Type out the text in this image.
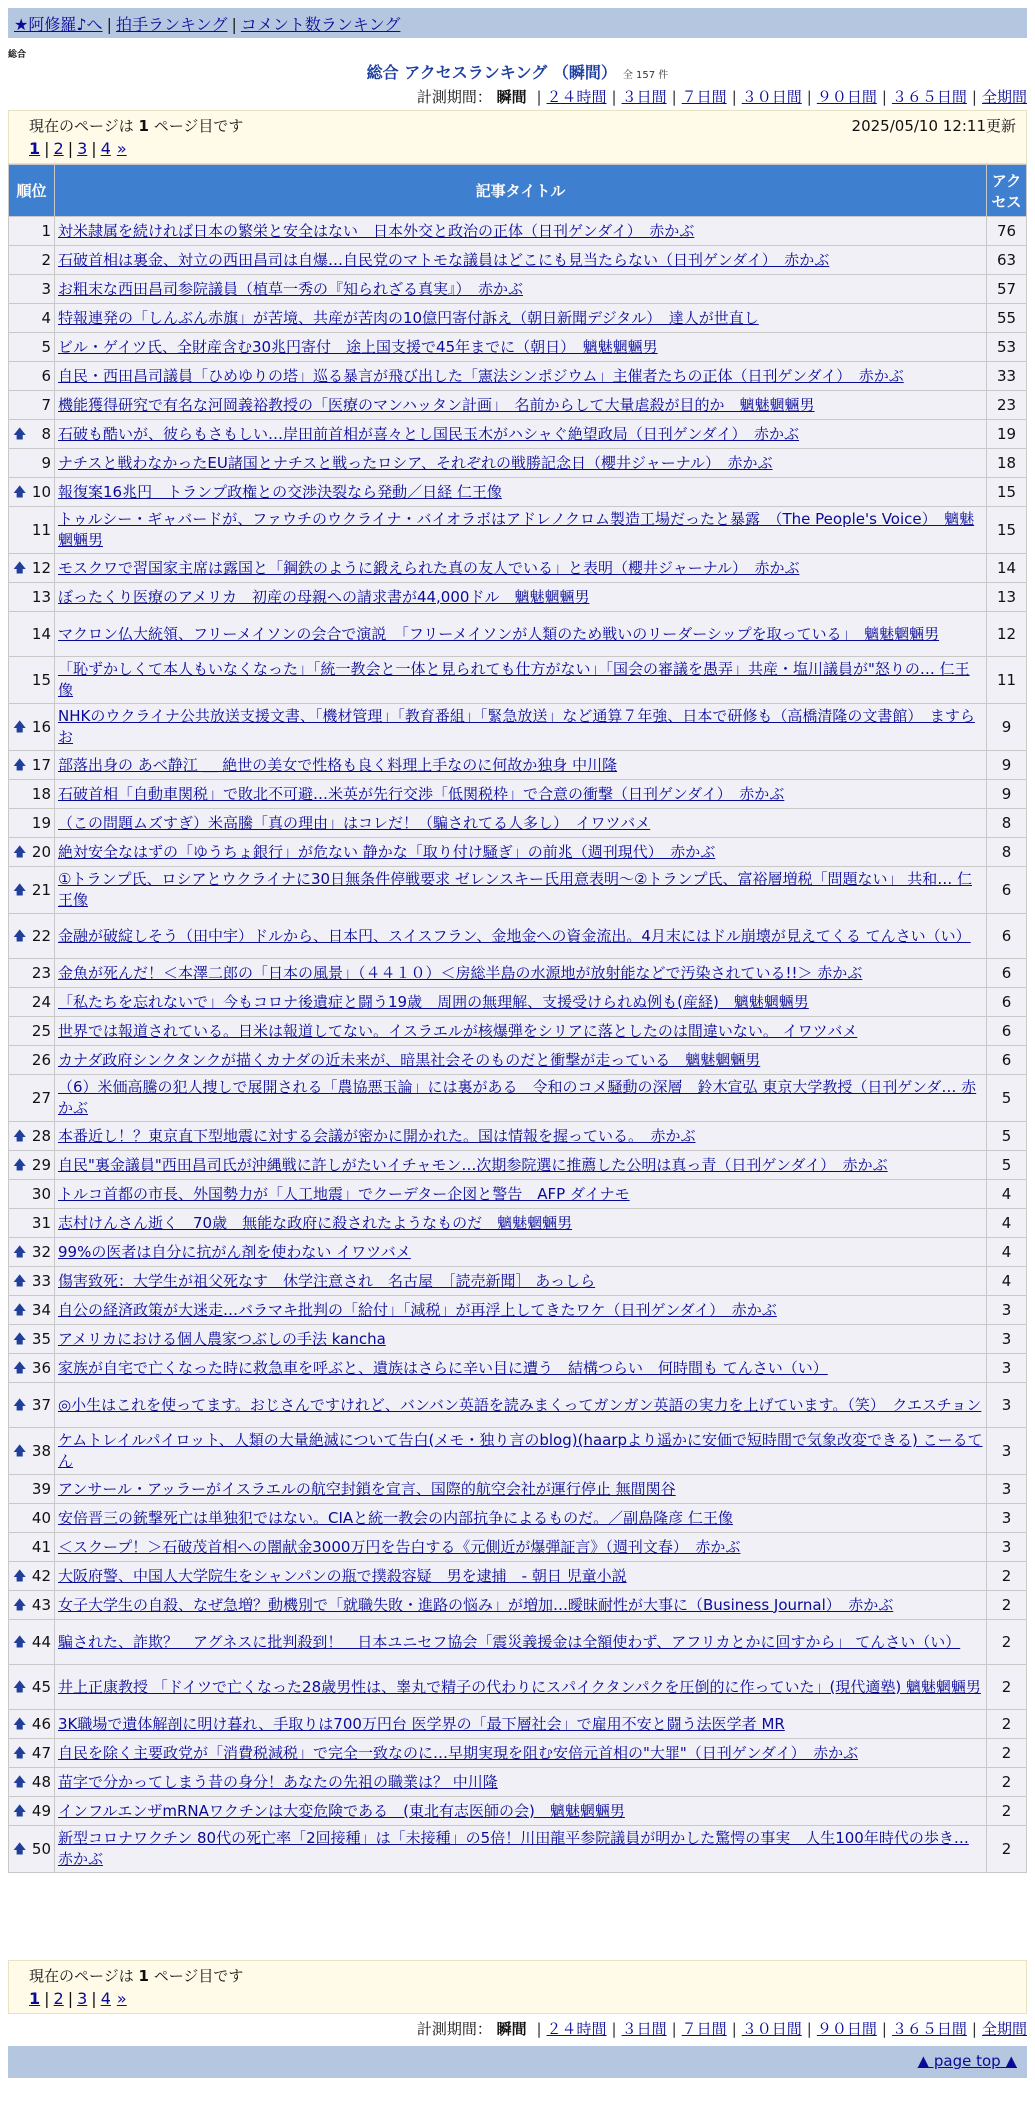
★阿修羅♪へ | 拍手ランキング | コメント数ランキング
総合
総合 アクセスランキング （瞬間） 全 157 件
計測期間： 瞬間 | ２４時間 | ３日間 | ７日間 | ３０日間 | ９０日間 | ３６５日間 | 全期間
現在のページは 1 ページ目です	2025/05/10 12:11更新
1 | 2 | 3 | 4 »
順位	記事タイトル	アクセス
1	対米隷属を続ければ日本の繁栄と安全はない　日本外交と政治の正体（日刊ゲンダイ）　赤かぶ	76
2	石破首相は裏金、対立の西田昌司は自爆…自民党のマトモな議員はどこにも見当たらない（日刊ゲンダイ）　赤かぶ	63
3	お粗末な西田昌司参院議員（植草一秀の『知られざる真実』）　赤かぶ	57
4	特報連発の「しんぶん赤旗」が苦境、共産が苦肉の10億円寄付訴え（朝日新聞デジタル）　達人が世直し	55
5	ビル・ゲイツ氏、全財産含む30兆円寄付　途上国支援で45年までに（朝日）　魑魅魍魎男	53
6	自民・西田昌司議員「ひめゆりの塔」巡る暴言が飛び出した「憲法シンポジウム」主催者たちの正体（日刊ゲンダイ）　赤かぶ	33
7	機能獲得研究で有名な河岡義裕教授の「医療のマンハッタン計画」　名前からして大量虐殺が目的か　魑魅魍魎男	23

🡅 8	石破も酷いが、彼らもさもしい…岸田前首相が喜々とし国民玉木がハシャぐ絶望政局（日刊ゲンダイ）　赤かぶ	19
9	ナチスと戦わなかったEU諸国とナチスと戦ったロシア、それぞれの戦勝記念日（櫻井ジャーナル）　赤かぶ	18

🡅 10	報復案16兆円　トランプ政権との交渉決裂なら発動／日経 仁王像	15
11	トゥルシー・ギャバードが、ファウチのウクライナ・バイオラボはアドレノクロム製造工場だったと暴露　（The People's Voice）　魑魅魍魎男	15

🡅 12	モスクワで習国家主席は露国と「鋼鉄のように鍛えられた真の友人でいる」と表明（櫻井ジャーナル）　赤かぶ	14
13	ぼったくり医療のアメリカ　初産の母親への請求書が44,000ドル　魑魅魍魎男	13
14	マクロン仏大統領、フリーメイソンの会合で演説　「フリーメイソンが人類のため戦いのリーダーシップを取っている」　魑魅魍魎男	12
15	「恥ずかしくて本人もいなくなった」「統一教会と一体と見られても仕方がない」「国会の審議を愚弄」共産・塩川議員が"怒りの… 仁王像	11

🡅 16	NHKのウクライナ公共放送支援文書、「機材管理」「教育番組」「緊急放送」など通算７年強、日本で研修も（高橋清隆の文書館）　ますらお	9

🡅 17	部落出身の あべ静江 ＿ 絶世の美女で性格も良く料理上手なのに何故か独身 中川隆	9
18	石破首相「自動車関税」で敗北不可避…米英が先行交渉「低関税枠」で合意の衝撃（日刊ゲンダイ）　赤かぶ	9
19	（この問題ムズすぎ）米高騰「真の理由」はコレだ！（騙されてる人多し）　イワツバメ	8

🡅 20	絶対安全なはずの「ゆうちょ銀行」が危ない 静かな「取り付け騒ぎ」の前兆（週刊現代）　赤かぶ	8

🡅 21	①トランプ氏、ロシアとウクライナに30日無条件停戦要求 ゼレンスキー氏用意表明～②トランプ氏、富裕層増税「問題ない」 共和… 仁王像	6

🡅 22	金融が破綻しそう（田中宇）ドルから、日本円、スイスフラン、金地金への資金流出。4月末にはドル崩壊が見えてくる てんさい（い）	6
23	金魚が死んだ！＜本澤二郎の「日本の風景」（４４１０）＜房総半島の水源地が放射能などで汚染されている!!＞ 赤かぶ	6
24	「私たちを忘れないで」今もコロナ後遺症と闘う19歳　周囲の無理解、支援受けられぬ例も(産経)　魑魅魍魎男	6
25	世界では報道されている。日米は報道してない。イスラエルが核爆弾をシリアに落としたのは間違いない。 イワツバメ	6
26	カナダ政府シンクタンクが描くカナダの近未来が、暗黒社会そのものだと衝撃が走っている　魑魅魍魎男	6
27	（6）米価高騰の犯人捜しで展開される「農協悪玉論」には裏がある　令和のコメ騒動の深層　鈴木宣弘 東京大学教授（日刊ゲンダ… 赤かぶ	5

🡅 28	本番近し！？東京直下型地震に対する会議が密かに開かれた。国は情報を握っている。　赤かぶ	5

🡅 29	自民"裏金議員"西田昌司氏が沖縄戦に許しがたいイチャモン…次期参院選に推薦した公明は真っ青（日刊ゲンダイ）　赤かぶ	5
30	トルコ首都の市長、外国勢力が「人工地震」でクーデター企図と警告　AFP ダイナモ	4
31	志村けんさん逝く　70歳　無能な政府に殺されたようなものだ　魑魅魍魎男	4

🡅 32	99%の医者は自分に抗がん剤を使わない イワツバメ	4

🡅 33	傷害致死：大学生が祖父死なす　休学注意され　名古屋　［読売新聞］ あっしら	4

🡅 34	自公の経済政策が大迷走…バラマキ批判の「給付」「減税」が再浮上してきたワケ（日刊ゲンダイ）　赤かぶ	3

🡅 35	アメリカにおける個人農家つぶしの手法 kancha	3

🡅 36	家族が自宅で亡くなった時に救急車を呼ぶと、遺族はさらに辛い目に遭う　結構つらい　何時間も てんさい（い）	3

🡅 37	◎小生はこれを使ってます。おじさんですけれど、バンバン英語を読みまくってガンガン英語の実力を上げています。（笑）　クエスチョン	3

🡅 38	ケムトレイルパイロット、人類の大量絶滅について告白(メモ・独り言のblog)(haarpより遥かに安価で短時間で気象改変できる) こーるてん	3
39	アンサール・アッラーがイスラエルの航空封鎖を宣言、国際的航空会社が運行停止 無間関谷	3
40	安倍晋三の銃撃死亡は単独犯ではない。CIAと統一教会の内部抗争によるものだ。／副島隆彦 仁王像	3
41	＜スクープ！＞石破茂首相への闇献金3000万円を告白する《元側近が爆弾証言》（週刊文春）　赤かぶ	3

🡅 42	大阪府警、中国人大学院生をシャンパンの瓶で撲殺容疑　男を逮捕　- 朝日 児童小説	2

🡅 43	女子大学生の自殺、なぜ急増？動機別で「就職失敗・進路の悩み」が増加…曖昧耐性が大事に（Business Journal）　赤かぶ	2

🡅 44	騙された、詐欺？　アグネスに批判殺到！　日本ユニセフ協会「震災義援金は全額使わず、アフリカとかに回すから」 てんさい（い）	2

🡅 45	井上正康教授 「ドイツで亡くなった28歳男性は、睾丸で精子の代わりにスパイクタンパクを圧倒的に作っていた」(現代適塾) 魑魅魍魎男	2

🡅 46	3K職場で遺体解剖に明け暮れ、手取りは700万円台 医学界の「最下層社会」で雇用不安と闘う法医学者 MR	2

🡅 47	自民を除く主要政党が「消費税減税」で完全一致なのに…早期実現を阻む安倍元首相の"大罪"（日刊ゲンダイ）　赤かぶ	2

🡅 48	苗字で分かってしまう昔の身分！あなたの先祖の職業は？ 中川隆	2

🡅 49	インフルエンザmRNAワクチンは大変危険である　(東北有志医師の会)　魑魅魍魎男	2

🡅 50	新型コロナワクチン 80代の死亡率「2回接種」は「未接種」の5倍！川田龍平参院議員が明かした驚愕の事実　人生100年時代の歩き… 赤かぶ	2
現在のページは 1 ページ目です
1 | 2 | 3 | 4 »
計測期間： 瞬間 | ２４時間 | ３日間 | ７日間 | ３０日間 | ９０日間 | ３６５日間 | 全期間
▲ page top ▲
